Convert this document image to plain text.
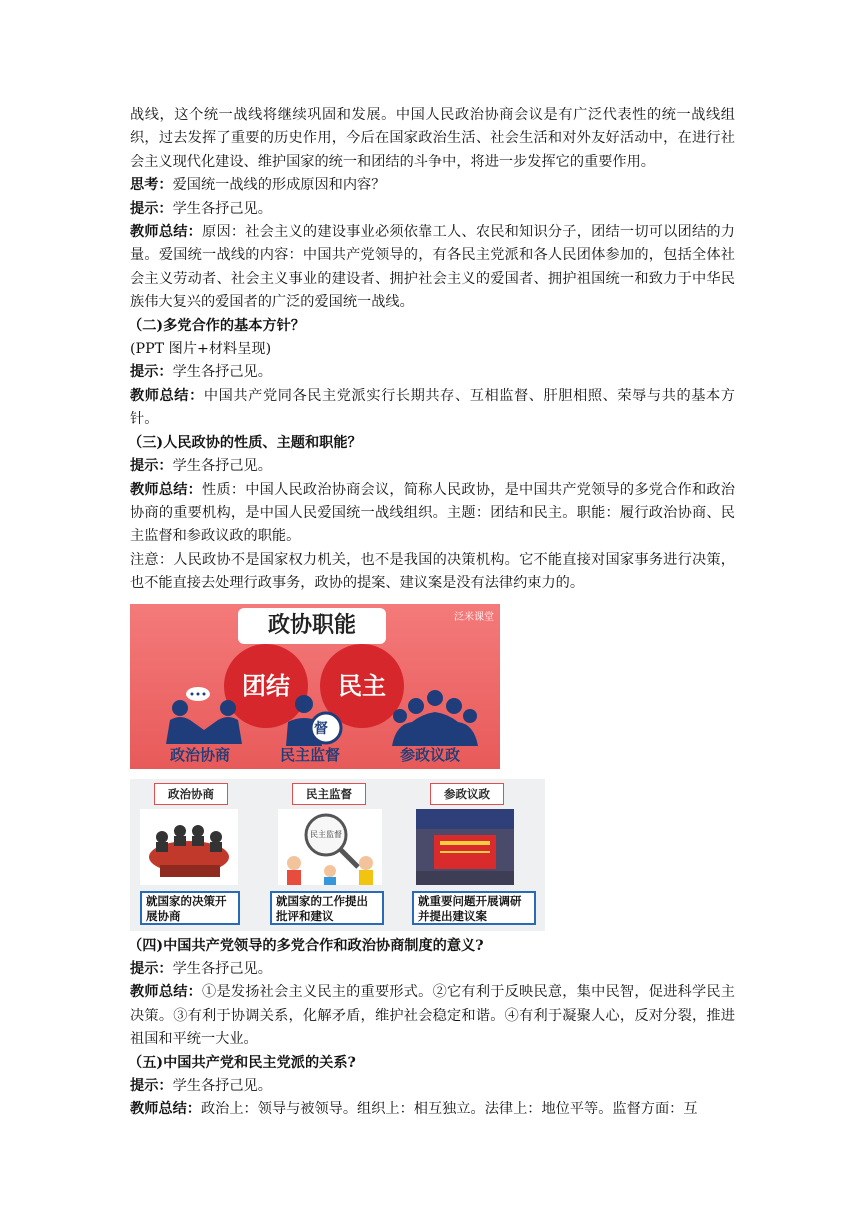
战线，这个统一战线将继续巩固和发展。中国人民政治协商会议是有广泛代表性的统一战线组织，过去发挥了重要的历史作用，今后在国家政治生活、社会生活和对外友好活动中，在进行社会主义现代化建设、维护国家的统一和团结的斗争中，将进一步发挥它的重要作用。

思考：爱国统一战线的形成原因和内容？

提示：学生各抒己见。

教师总结：原因：社会主义的建设事业必须依靠工人、农民和知识分子，团结一切可以团结的力量。爱国统一战线的内容：中国共产党领导的，有各民主党派和各人民团体参加的，包括全体社会主义劳动者、社会主义事业的建设者、拥护社会主义的爱国者、拥护祖国统一和致力于中华民族伟大复兴的爱国者的广泛的爱国统一战线。

（二)多党合作的基本方针？

(PPT 图片+材料呈现)

提示：学生各抒己见。

教师总结：中国共产党同各民主党派实行长期共存、互相监督、肝胆相照、荣辱与共的基本方针。

（三)人民政协的性质、主题和职能？

提示：学生各抒己见。

教师总结：性质：中国人民政治协商会议，简称人民政协，是中国共产党领导的多党合作和政治协商的重要机构，是中国人民爱国统一战线组织。主题：团结和民主。职能：履行政治协商、民主监督和参政议政的职能。

注意：人民政协不是国家权力机关，也不是我国的决策机构。它不能直接对国家事务进行决策，也不能直接去处理行政事务，政协的提案、建议案是没有法律约束力的。

政协职能	泛米课堂
团结	民主
督
政治协商	民主监督	参政议政
政治协商	民主监督	参政议政
民主监督
就国家的决策开展协商
就国家的工作提出批评和建议
就重要问题开展调研并提出建议案

（四)中国共产党领导的多党合作和政治协商制度的意义?

提示：学生各抒己见。

教师总结：①是发扬社会主义民主的重要形式。②它有利于反映民意，集中民智，促进科学民主决策。③有利于协调关系，化解矛盾，维护社会稳定和谐。④有利于凝聚人心，反对分裂，推进祖国和平统一大业。

（五)中国共产党和民主党派的关系?

提示：学生各抒己见。

教师总结：政治上：领导与被领导。组织上：相互独立。法律上：地位平等。监督方面：互
